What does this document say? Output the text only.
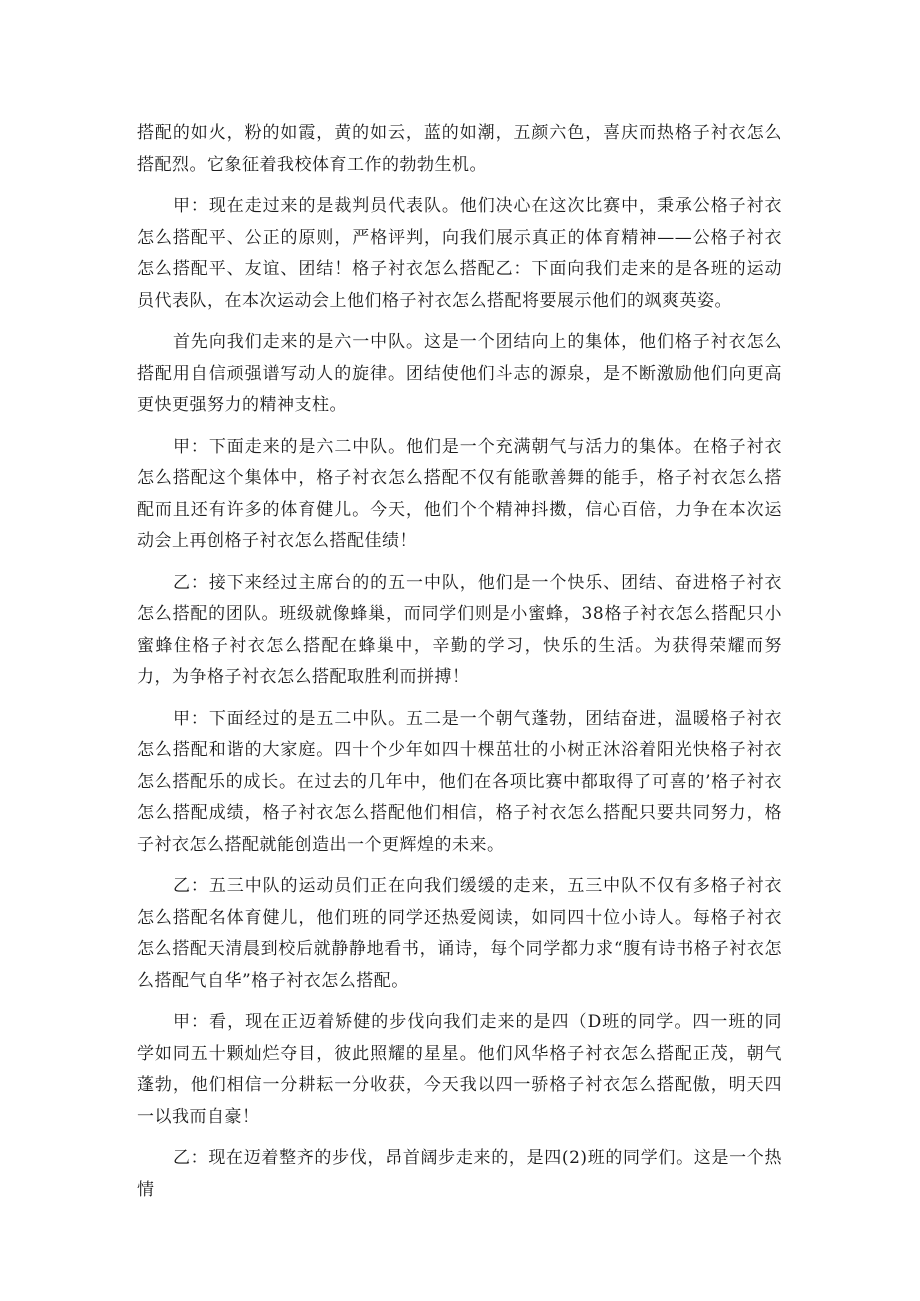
搭配的如火，粉的如霞，黄的如云，蓝的如潮，五颜六色，喜庆而热格子衬衣怎么搭配烈。它象征着我校体育工作的勃勃生机。

甲：现在走过来的是裁判员代表队。他们决心在这次比赛中，秉承公格子衬衣怎么搭配平、公正的原则，严格评判，向我们展示真正的体育精神——公格子衬衣怎么搭配平、友谊、团结！格子衬衣怎么搭配乙：下面向我们走来的是各班的运动员代表队，在本次运动会上他们格子衬衣怎么搭配将要展示他们的飒爽英姿。

首先向我们走来的是六一中队。这是一个团结向上的集体，他们格子衬衣怎么搭配用自信顽强谱写动人的旋律。团结使他们斗志的源泉，是不断激励他们向更高更快更强努力的精神支柱。

甲：下面走来的是六二中队。他们是一个充满朝气与活力的集体。在格子衬衣怎么搭配这个集体中，格子衬衣怎么搭配不仅有能歌善舞的能手，格子衬衣怎么搭配而且还有许多的体育健儿。今天，他们个个精神抖擞，信心百倍，力争在本次运动会上再创格子衬衣怎么搭配佳绩！

乙：接下来经过主席台的的五一中队，他们是一个快乐、团结、奋进格子衬衣怎么搭配的团队。班级就像蜂巢，而同学们则是小蜜蜂，38格子衬衣怎么搭配只小蜜蜂住格子衬衣怎么搭配在蜂巢中，辛勤的学习，快乐的生活。为获得荣耀而努力，为争格子衬衣怎么搭配取胜利而拼搏！

甲：下面经过的是五二中队。五二是一个朝气蓬勃，团结奋进，温暖格子衬衣怎么搭配和谐的大家庭。四十个少年如四十棵茁壮的小树正沐浴着阳光快格子衬衣怎么搭配乐的成长。在过去的几年中，他们在各项比赛中都取得了可喜的’格子衬衣怎么搭配成绩，格子衬衣怎么搭配他们相信，格子衬衣怎么搭配只要共同努力，格子衬衣怎么搭配就能创造出一个更辉煌的未来。

乙：五三中队的运动员们正在向我们缓缓的走来，五三中队不仅有多格子衬衣怎么搭配名体育健儿，他们班的同学还热爱阅读，如同四十位小诗人。每格子衬衣怎么搭配天清晨到校后就静静地看书，诵诗，每个同学都力求“腹有诗书格子衬衣怎么搭配气自华”格子衬衣怎么搭配。

甲：看，现在正迈着矫健的步伐向我们走来的是四（D班的同学。四一班的同学如同五十颗灿烂夺目，彼此照耀的星星。他们风华格子衬衣怎么搭配正茂，朝气蓬勃，他们相信一分耕耘一分收获，今天我以四一骄格子衬衣怎么搭配傲，明天四一以我而自豪！

乙：现在迈着整齐的步伐，昂首阔步走来的，是四(2)班的同学们。这是一个热情
